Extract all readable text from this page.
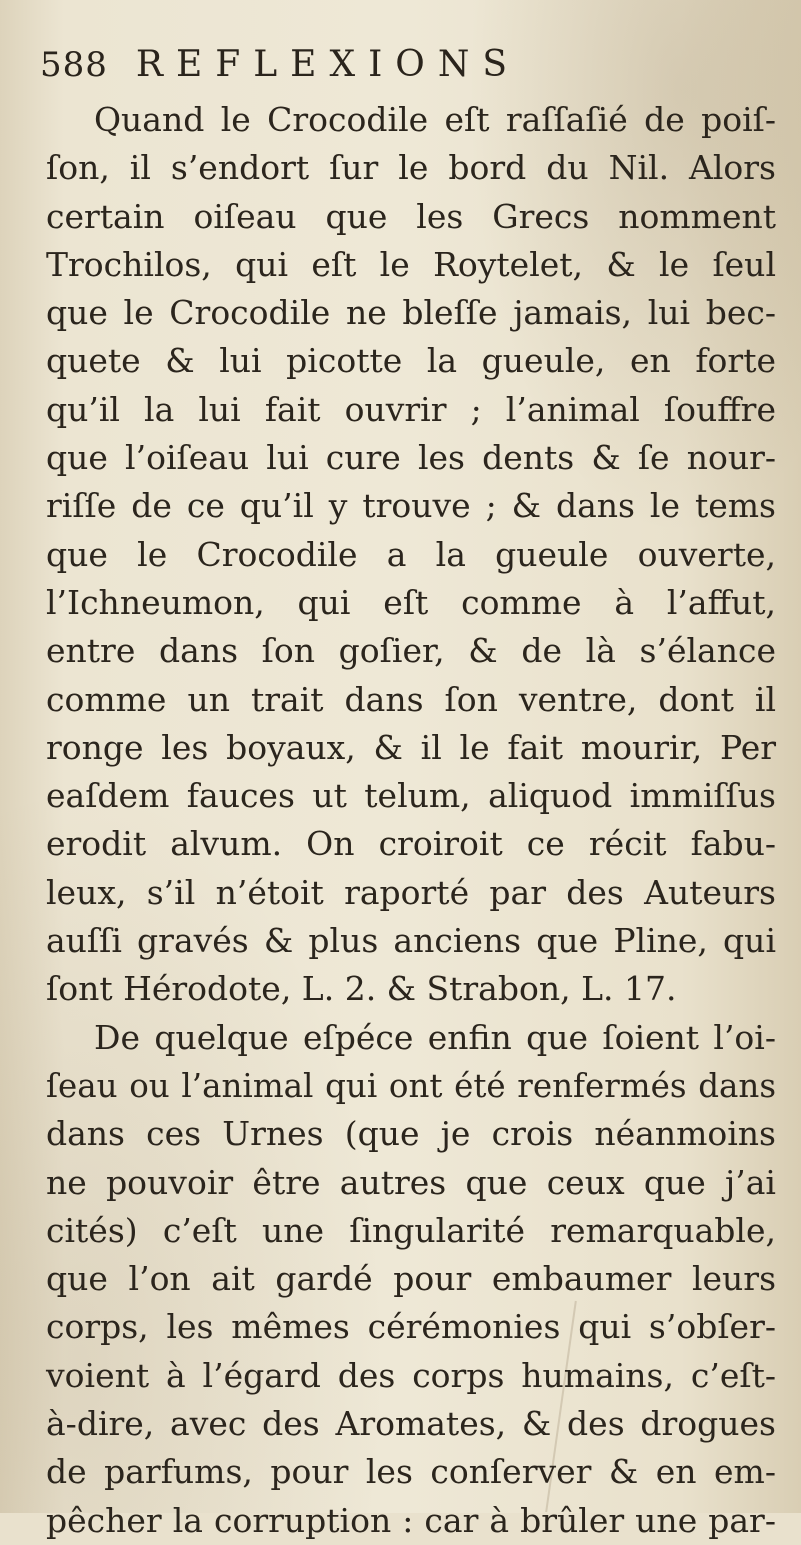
588 REFLEXIONS
Quand le Crocodile eſt raſſaſié de poiſ-
ſon, il s’endort ſur le bord du Nil. Alors
certain oiſeau que les Grecs nomment
Trochilos, qui eſt le Roytelet, & le ſeul
que le Crocodile ne bleſſe jamais, lui bec-
quete & lui picotte la gueule, en forte
qu’il la lui fait ouvrir ; l’animal ſouffre
que l’oiſeau lui cure les dents & ſe nour-
riſſe de ce qu’il y trouve ; & dans le tems
que le Crocodile a la gueule ouverte,
l’Ichneumon, qui eſt comme à l’affut,
entre dans ſon goſier, & de là s’élance
comme un trait dans ſon ventre, dont il
ronge les boyaux, & il le fait mourir, Per
eaſdem fauces ut telum, aliquod immiſſus
erodit alvum. On croiroit ce récit fabu-
leux, s’il n’étoit raporté par des Auteurs
auſſi gravés & plus anciens que Pline, qui
ſont Hérodote, L. 2. & Strabon, L. 17.
De quelque eſpéce enfin que ſoient l’oi-
ſeau ou l’animal qui ont été renfermés dans
dans ces Urnes (que je crois néanmoins
ne pouvoir être autres que ceux que j’ai
cités) c’eſt une ſingularité remarquable,
que l’on ait gardé pour embaumer leurs
corps, les mêmes cérémonies qui s’obſer-
voient à l’égard des corps humains, c’eſt-
à-dire, avec des Aromates, & des drogues
de parfums, pour les conſerver & en em-
pêcher la corruption : car à brûler une par-
